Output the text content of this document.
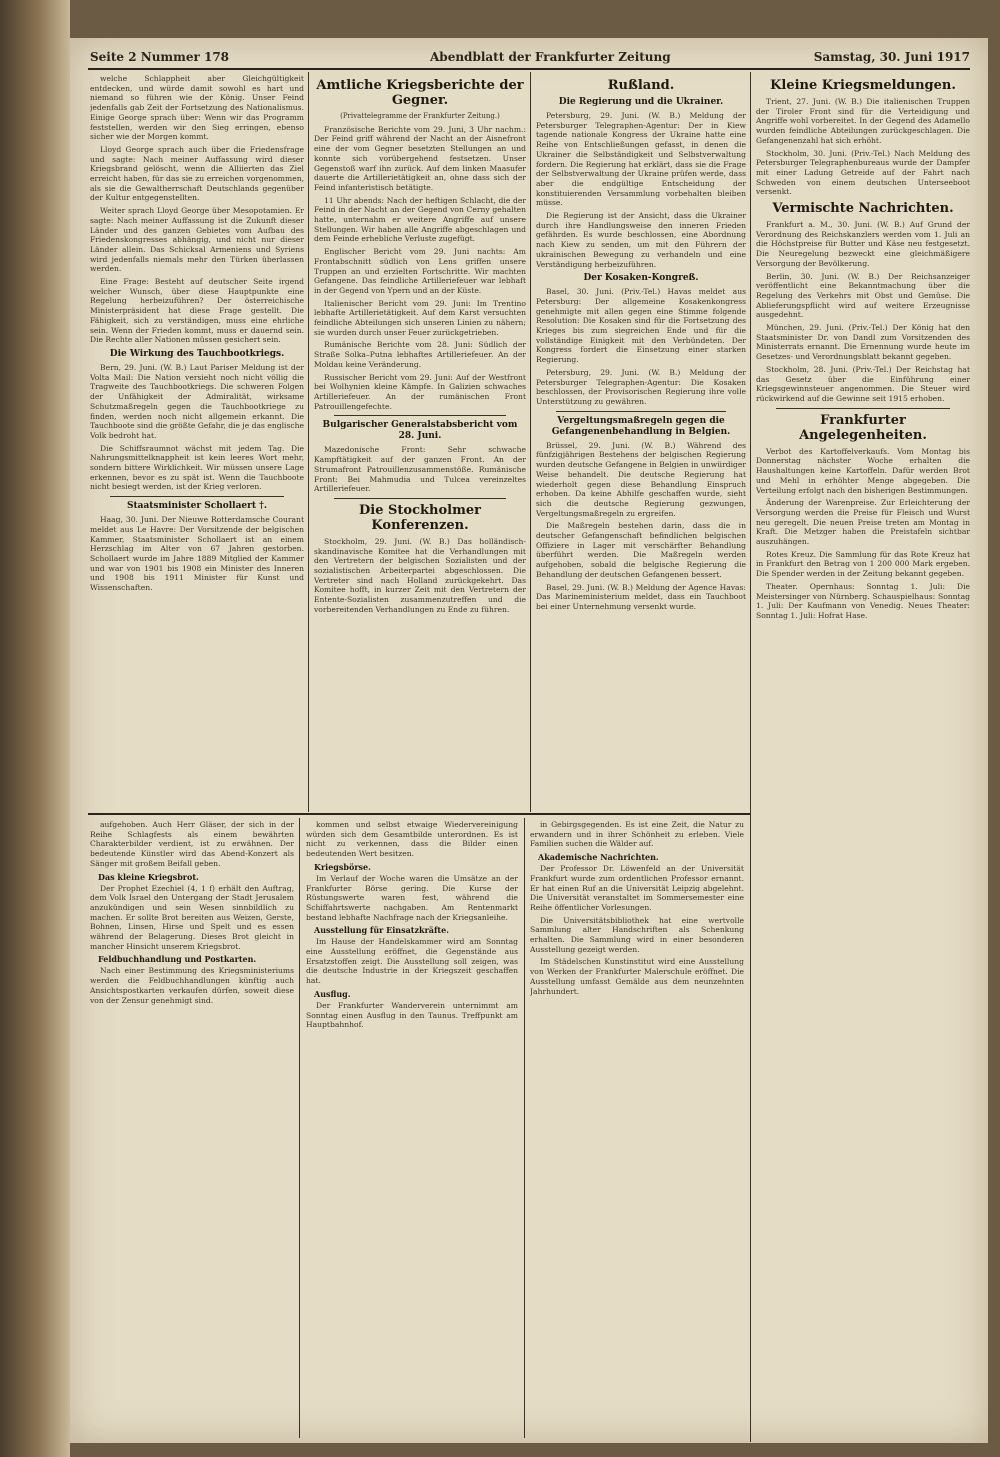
Seite 2 Nummer 178	Abendblatt der Frankfurter Zeitung	Samstag, 30. Juni 1917

welche Schlappheit aber Gleichgültigkeit entdecken, und würde damit sowohl es hart und niemand so führen wie der König. Unser Feind jedenfalls gab Zeit der Fortsetzung des Nationalismus. Einige George sprach über: Wenn wir das Programm feststellen, werden wir den Sieg erringen, ebenso sicher wie der Morgen kommt.

Lloyd George sprach auch über die Friedensfrage und sagte: Nach meiner Auffassung wird dieser Kriegsbrand gelöscht, wenn die Alliierten das Ziel erreicht haben, für das sie zu erreichen vorgenommen, als sie die Gewaltherrschaft Deutschlands gegenüber der Kultur entgegenstellten.

Weiter sprach Lloyd George über Mesopotamien. Er sagte: Nach meiner Auffassung ist die Zukunft dieser Länder und des ganzen Gebietes vom Aufbau des Friedenskongresses abhängig, und nicht nur dieser Länder allein. Das Schicksal Armeniens und Syriens wird jedenfalls niemals mehr den Türken überlassen werden.

Eine Frage: Besteht auf deutscher Seite irgend welcher Wunsch, über diese Hauptpunkte eine Regelung herbeizuführen? Der österreichische Ministerpräsident hat diese Frage gestellt. Die Fähigkeit, sich zu verständigen, muss eine ehrliche sein. Wenn der Frieden kommt, muss er dauernd sein. Die Rechte aller Nationen müssen gesichert sein.

Die Wirkung des Tauchbootkriegs.

Bern, 29. Juni. (W. B.) Laut Pariser Meldung ist der Volta Mail: Die Nation versieht noch nicht völlig die Tragweite des Tauchbootkriegs. Die schweren Folgen der Unfähigkeit der Admiralität, wirksame Schutzmaßregeln gegen die Tauchbootkriege zu finden, werden noch nicht allgemein erkannt. Die Tauchboote sind die größte Gefahr, die je das englische Volk bedroht hat.

Die Schiffsraumnot wächst mit jedem Tag. Die Nahrungsmittelknappheit ist kein leeres Wort mehr, sondern bittere Wirklichkeit. Wir müssen unsere Lage erkennen, bevor es zu spät ist. Wenn die Tauchboote nicht besiegt werden, ist der Krieg verloren.

Staatsminister Schollaert †.

Haag, 30. Juni. Der Nieuwe Rotterdamsche Courant meldet aus Le Havre: Der Vorsitzende der belgischen Kammer, Staatsminister Schollaert ist an einem Herzschlag im Alter von 67 Jahren gestorben. Schollaert wurde im Jahre 1889 Mitglied der Kammer und war von 1901 bis 1908 ein Minister des Inneren und 1908 bis 1911 Minister für Kunst und Wissenschaften.

Amtliche Kriegsberichte der Gegner.
(Privattelegramme der Frankfurter Zeitung.)

Französische Berichte vom 29. Juni, 3 Uhr nachm.: Der Feind griff während der Nacht an der Aisnefront eine der vom Gegner besetzten Stellungen an und konnte sich vorübergehend festsetzen. Unser Gegenstoß warf ihn zurück. Auf dem linken Maasufer dauerte die Artillerietätigkeit an, ohne dass sich der Feind infanteristisch betätigte.

11 Uhr abends: Nach der heftigen Schlacht, die der Feind in der Nacht an der Gegend von Cerny gehalten hatte, unternahm er weitere Angriffe auf unsere Stellungen. Wir haben alle Angriffe abgeschlagen und dem Feinde erhebliche Verluste zugefügt.

Englischer Bericht vom 29. Juni nachts: Am Frontabschnitt südlich von Lens griffen unsere Truppen an und erzielten Fortschritte. Wir machten Gefangene. Das feindliche Artilleriefeuer war lebhaft in der Gegend von Ypern und an der Küste.

Italienischer Bericht vom 29. Juni: Im Trentino lebhafte Artillerietätigkeit. Auf dem Karst versuchten feindliche Abteilungen sich unseren Linien zu nähern; sie wurden durch unser Feuer zurückgetrieben.

Rumänische Berichte vom 28. Juni: Südlich der Straße Solka–Putna lebhaftes Artilleriefeuer. An der Moldau keine Veränderung.

Russischer Bericht vom 29. Juni: Auf der Westfront bei Wolhynien kleine Kämpfe. In Galizien schwaches Artilleriefeuer. An der rumänischen Front Patrouillengefechte.

Bulgarischer Generalstabsbericht vom 28. Juni.

Mazedonische Front: Sehr schwache Kampftätigkeit auf der ganzen Front. An der Strumafront Patrouillenzusammenstöße. Rumänische Front: Bei Mahmudia und Tulcea vereinzeltes Artilleriefeuer.

Die Stockholmer Konferenzen.

Stockholm, 29. Juni. (W. B.) Das holländisch-skandinavische Komitee hat die Verhandlungen mit den Vertretern der belgischen Sozialisten und der sozialistischen Arbeiterpartei abgeschlossen. Die Vertreter sind nach Holland zurückgekehrt. Das Komitee hofft, in kurzer Zeit mit den Vertretern der Entente-Sozialisten zusammenzutreffen und die vorbereitenden Verhandlungen zu Ende zu führen.

Rußland.
Die Regierung und die Ukrainer.

Petersburg, 29. Juni. (W. B.) Meldung der Petersburger Telegraphen-Agentur: Der in Kiew tagende nationale Kongress der Ukraine hatte eine Reihe von Entschließungen gefasst, in denen die Ukrainer die Selbständigkeit und Selbstverwaltung fordern. Die Regierung hat erklärt, dass sie die Frage der Selbstverwaltung der Ukraine prüfen werde, dass aber die endgültige Entscheidung der konstituierenden Versammlung vorbehalten bleiben müsse.

Die Regierung ist der Ansicht, dass die Ukrainer durch ihre Handlungsweise den inneren Frieden gefährden. Es wurde beschlossen, eine Abordnung nach Kiew zu senden, um mit den Führern der ukrainischen Bewegung zu verhandeln und eine Verständigung herbeizuführen.

Der Kosaken-Kongreß.

Basel, 30. Juni. (Priv.-Tel.) Havas meldet aus Petersburg: Der allgemeine Kosakenkongress genehmigte mit allen gegen eine Stimme folgende Resolution: Die Kosaken sind für die Fortsetzung des Krieges bis zum siegreichen Ende und für die vollständige Einigkeit mit den Verbündeten. Der Kongress fordert die Einsetzung einer starken Regierung.

Petersburg, 29. Juni. (W. B.) Meldung der Petersburger Telegraphen-Agentur: Die Kosaken beschlossen, der Provisorischen Regierung ihre volle Unterstützung zu gewähren.

Vergeltungsmaßregeln gegen die Gefangenenbehandlung in Belgien.

Brüssel, 29. Juni. (W. B.) Während des fünfzigjährigen Bestehens der belgischen Regierung wurden deutsche Gefangene in Belgien in unwürdiger Weise behandelt. Die deutsche Regierung hat wiederholt gegen diese Behandlung Einspruch erhoben. Da keine Abhilfe geschaffen wurde, sieht sich die deutsche Regierung gezwungen, Vergeltungsmaßregeln zu ergreifen.

Die Maßregeln bestehen darin, dass die in deutscher Gefangenschaft befindlichen belgischen Offiziere in Lager mit verschärfter Behandlung überführt werden. Die Maßregeln werden aufgehoben, sobald die belgische Regierung die Behandlung der deutschen Gefangenen bessert.

Basel, 29. Juni. (W. B.) Meldung der Agence Havas: Das Marineministerium meldet, dass ein Tauchboot bei einer Unternehmung versenkt wurde.

Kleine Kriegsmeldungen.

Trient, 27. Juni. (W. B.) Die italienischen Truppen der Tiroler Front sind für die Verteidigung und Angriffe wohl vorbereitet. In der Gegend des Adamello wurden feindliche Abteilungen zurückgeschlagen. Die Gefangenenzahl hat sich erhöht.

Stockholm, 30. Juni. (Priv.-Tel.) Nach Meldung des Petersburger Telegraphenbureaus wurde der Dampfer mit einer Ladung Getreide auf der Fahrt nach Schweden von einem deutschen Unterseeboot versenkt.

Vermischte Nachrichten.

Frankfurt a. M., 30. Juni. (W. B.) Auf Grund der Verordnung des Reichskanzlers werden vom 1. Juli an die Höchstpreise für Butter und Käse neu festgesetzt. Die Neuregelung bezweckt eine gleichmäßigere Versorgung der Bevölkerung.

Berlin, 30. Juni. (W. B.) Der Reichsanzeiger veröffentlicht eine Bekanntmachung über die Regelung des Verkehrs mit Obst und Gemüse. Die Ablieferungspflicht wird auf weitere Erzeugnisse ausgedehnt.

München, 29. Juni. (Priv.-Tel.) Der König hat den Staatsminister Dr. von Dandl zum Vorsitzenden des Ministerrats ernannt. Die Ernennung wurde heute im Gesetzes- und Verordnungsblatt bekannt gegeben.

Stockholm, 28. Juni. (Priv.-Tel.) Der Reichstag hat das Gesetz über die Einführung einer Kriegsgewinnsteuer angenommen. Die Steuer wird rückwirkend auf die Gewinne seit 1915 erhoben.

Frankfurter Angelegenheiten.

Verbot des Kartoffelverkaufs. Vom Montag bis Donnerstag nächster Woche erhalten die Haushaltungen keine Kartoffeln. Dafür werden Brot und Mehl in erhöhter Menge abgegeben. Die Verteilung erfolgt nach den bisherigen Bestimmungen.

Änderung der Warenpreise. Zur Erleichterung der Versorgung werden die Preise für Fleisch und Wurst neu geregelt. Die neuen Preise treten am Montag in Kraft. Die Metzger haben die Preistafeln sichtbar auszuhängen.

Rotes Kreuz. Die Sammlung für das Rote Kreuz hat in Frankfurt den Betrag von 1 200 000 Mark ergeben. Die Spender werden in der Zeitung bekannt gegeben.

Theater. Opernhaus: Sonntag 1. Juli: Die Meistersinger von Nürnberg. Schauspielhaus: Sonntag 1. Juli: Der Kaufmann von Venedig. Neues Theater: Sonntag 1. Juli: Hofrat Hase.

aufgehoben. Auch Herr Gläser, der sich in der Reihe Schlagfests als einem bewährten Charakterbilder verdient, ist zu erwähnen. Der bedeutende Künstler wird das Abend-Konzert als Sänger mit großem Beifall geben.

Das kleine Kriegsbrot.

Der Prophet Ezechiel (4, 1 f) erhält den Auftrag, dem Volk Israel den Untergang der Stadt Jerusalem anzukündigen und sein Wesen sinnbildlich zu machen. Er sollte Brot bereiten aus Weizen, Gerste, Bohnen, Linsen, Hirse und Spelt und es essen während der Belagerung. Dieses Brot gleicht in mancher Hinsicht unserem Kriegsbrot.

Feldbuchhandlung und Postkarten.

Nach einer Bestimmung des Kriegsministeriums werden die Feldbuchhandlungen künftig auch Ansichtspostkarten verkaufen dürfen, soweit diese von der Zensur genehmigt sind.

kommen und selbst etwaige Wiedervereinigung würden sich dem Gesamtbilde unterordnen. Es ist nicht zu verkennen, dass die Bilder einen bedeutenden Wert besitzen.

Kriegsbörse.

Im Verlauf der Woche waren die Umsätze an der Frankfurter Börse gering. Die Kurse der Rüstungswerte waren fest, während die Schiffahrtswerte nachgaben. Am Rentenmarkt bestand lebhafte Nachfrage nach der Kriegsanleihe.

Ausstellung für Einsatzkräfte.

Im Hause der Handelskammer wird am Sonntag eine Ausstellung eröffnet, die Gegenstände aus Ersatzstoffen zeigt. Die Ausstellung soll zeigen, was die deutsche Industrie in der Kriegszeit geschaffen hat.

Ausflug.

Der Frankfurter Wanderverein unternimmt am Sonntag einen Ausflug in den Taunus. Treffpunkt am Hauptbahnhof.

in Gebirgsgegenden. Es ist eine Zeit, die Natur zu erwandern und in ihrer Schönheit zu erleben. Viele Familien suchen die Wälder auf.

Akademische Nachrichten.

Der Professor Dr. Löwenfeld an der Universität Frankfurt wurde zum ordentlichen Professor ernannt. Er hat einen Ruf an die Universität Leipzig abgelehnt. Die Universität veranstaltet im Sommersemester eine Reihe öffentlicher Vorlesungen.

Die Universitätsbibliothek hat eine wertvolle Sammlung alter Handschriften als Schenkung erhalten. Die Sammlung wird in einer besonderen Ausstellung gezeigt werden.

Im Städelschen Kunstinstitut wird eine Ausstellung von Werken der Frankfurter Malerschule eröffnet. Die Ausstellung umfasst Gemälde aus dem neunzehnten Jahrhundert.
